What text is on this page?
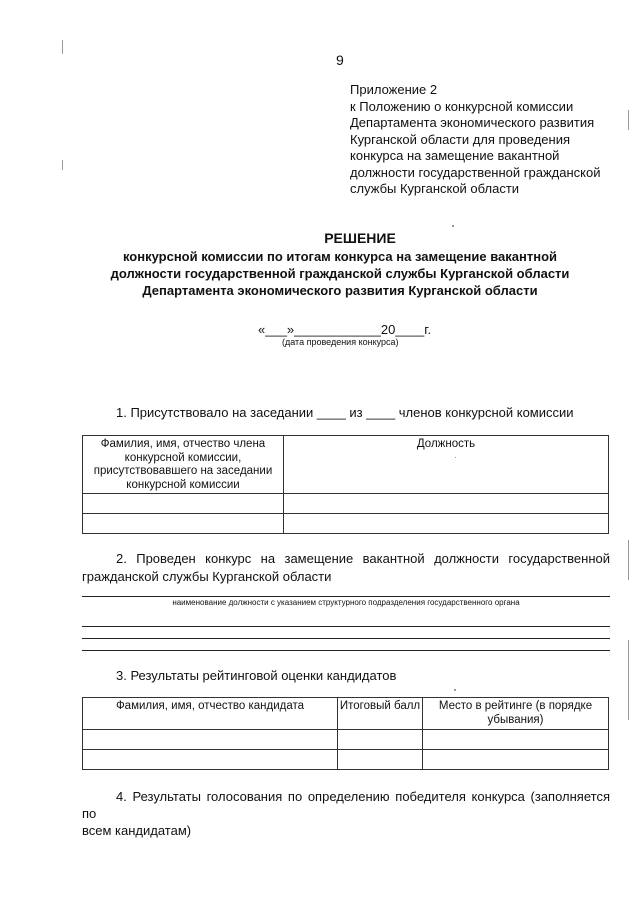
9
Приложение 2
к Положению о конкурсной комиссии
Департамента экономического развития
Курганской области для проведения
конкурса на замещение вакантной
должности государственной гражданской
службы Курганской области
РЕШЕНИЕ
конкурсной комиссии по итогам конкурса на замещение вакантной
должности государственной гражданской службы Курганской области
Департамента экономического развития Курганской области
«___»____________20____г.
(дата проведения конкурса)
1. Присутствовало на заседании ____ из ____ членов конкурсной комиссии
Фамилия, имя, отчество члена конкурсной комиссии, присутствовавшего на заседании конкурсной комиссии	Должность

2. Проведен конкурс на замещение вакантной должности государственной
гражданской службы Курганской области
наименование должности с указанием структурного подразделения государственного органа
3. Результаты рейтинговой оценки кандидатов
Фамилия, имя, отчество кандидата	Итоговый балл	Место в рейтинге (в порядке убывания)

4. Результаты голосования по определению победителя конкурса (заполняется по
всем кандидатам)
